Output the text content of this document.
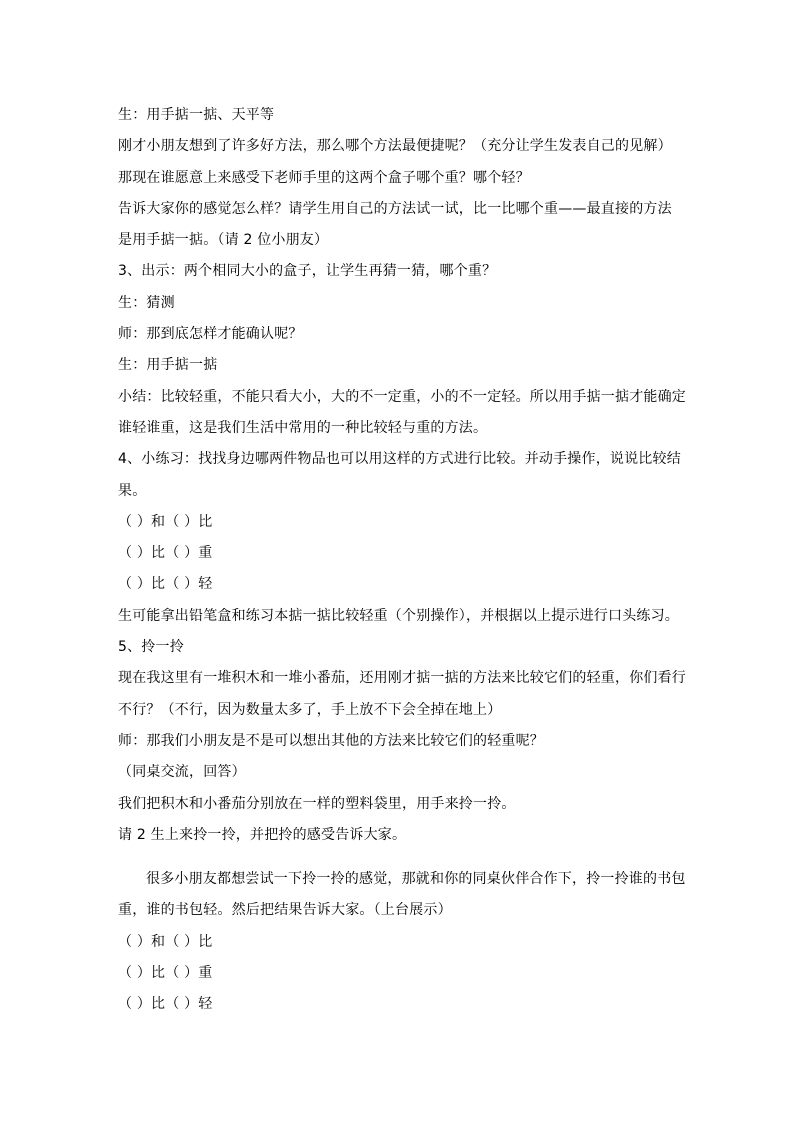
生：用手掂一掂、天平等
刚才小朋友想到了许多好方法，那么哪个方法最便捷呢？（充分让学生发表自己的见解）
那现在谁愿意上来感受下老师手里的这两个盒子哪个重？哪个轻？
告诉大家你的感觉怎么样？请学生用自己的方法试一试，比一比哪个重——最直接的方法
是用手掂一掂。（请 2 位小朋友）
3、出示：两个相同大小的盒子，让学生再猜一猜，哪个重？
生：猜测
师：那到底怎样才能确认呢？
生：用手掂一掂
小结：比较轻重，不能只看大小，大的不一定重，小的不一定轻。所以用手掂一掂才能确定
谁轻谁重，这是我们生活中常用的一种比较轻与重的方法。
4、小练习：找找身边哪两件物品也可以用这样的方式进行比较。并动手操作，说说比较结
果。
（ ）和（ ）比
（ ）比（ ）重
（ ）比（ ）轻
生可能拿出铅笔盒和练习本掂一掂比较轻重（个别操作），并根据以上提示进行口头练习。
5、拎一拎
现在我这里有一堆积木和一堆小番茄，还用刚才掂一掂的方法来比较它们的轻重，你们看行
不行？（不行，因为数量太多了，手上放不下会全掉在地上）
师：那我们小朋友是不是可以想出其他的方法来比较它们的轻重呢？
（同桌交流，回答）
我们把积木和小番茄分别放在一样的塑料袋里，用手来拎一拎。
请 2 生上来拎一拎，并把拎的感受告诉大家。
很多小朋友都想尝试一下拎一拎的感觉，那就和你的同桌伙伴合作下，拎一拎谁的书包
重，谁的书包轻。然后把结果告诉大家。（上台展示）
（ ）和（ ）比
（ ）比（ ）重
（ ）比（ ）轻
